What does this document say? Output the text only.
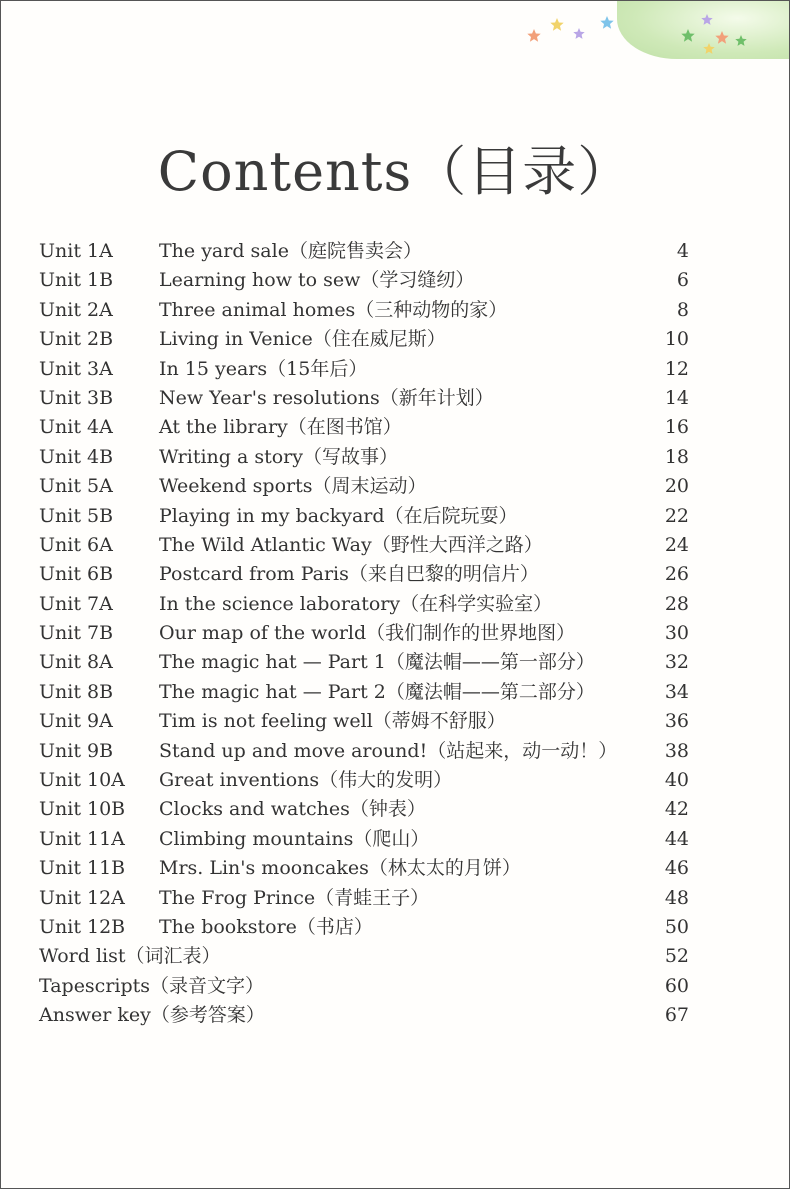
Contents（目录）
Unit 1A The yard sale（庭院售卖会）	4
Unit 1B Learning how to sew（学习缝纫）	6
Unit 2A Three animal homes（三种动物的家）	8
Unit 2B Living in Venice（住在威尼斯）	10
Unit 3A In 15 years（15年后）	12
Unit 3B New Year's resolutions（新年计划）	14
Unit 4A At the library（在图书馆）	16
Unit 4B Writing a story（写故事）	18
Unit 5A Weekend sports（周末运动）	20
Unit 5B Playing in my backyard（在后院玩耍）	22
Unit 6A The Wild Atlantic Way（野性大西洋之路）	24
Unit 6B Postcard from Paris（来自巴黎的明信片）	26
Unit 7A In the science laboratory（在科学实验室）	28
Unit 7B Our map of the world（我们制作的世界地图）	30
Unit 8A The magic hat — Part 1（魔法帽——第一部分）	32
Unit 8B The magic hat — Part 2（魔法帽——第二部分）	34
Unit 9A Tim is not feeling well（蒂姆不舒服）	36
Unit 9B Stand up and move around!（站起来，动一动！）	38
Unit 10A Great inventions（伟大的发明）	40
Unit 10B Clocks and watches（钟表）	42
Unit 11A Climbing mountains（爬山）	44
Unit 11B Mrs. Lin's mooncakes（林太太的月饼）	46
Unit 12A The Frog Prince（青蛙王子）	48
Unit 12B The bookstore（书店）	50
Word list（词汇表）	52
Tapescripts（录音文字）	60
Answer key（参考答案）	67
